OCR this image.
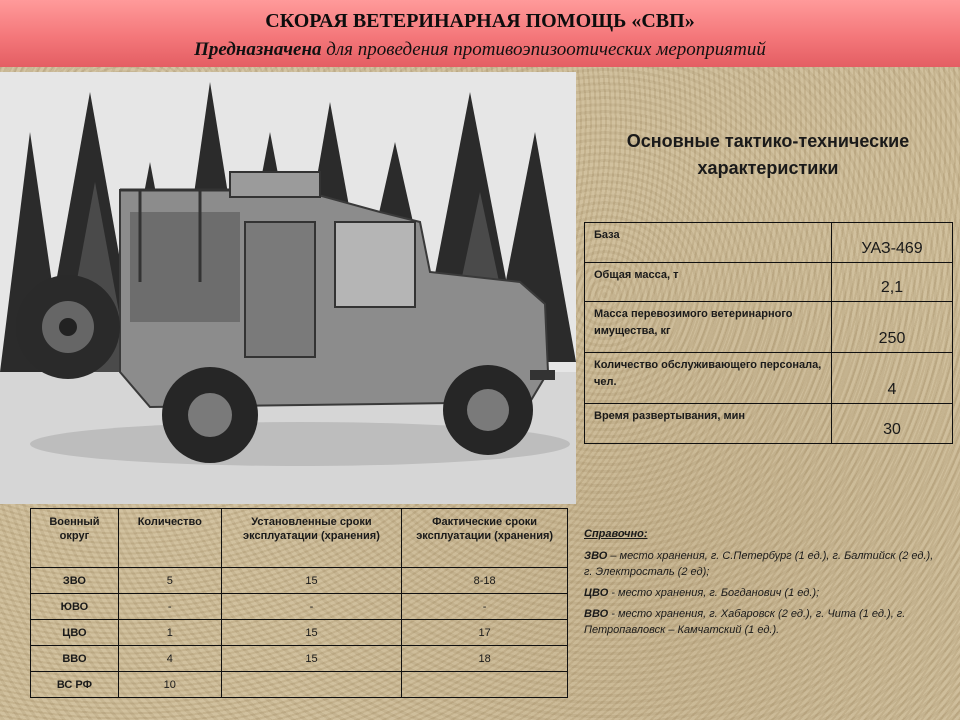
СКОРАЯ ВЕТЕРИНАРНАЯ ПОМОЩЬ «СВП»
Предназначена для проведения противоэпизоотических мероприятий
Основные тактико-технические характеристики
База	УАЗ-469
Общая масса, т	2,1
Масса перевозимого ветеринарного имущества, кг	250
Количество обслуживающего персонала, чел.	4
Время развертывания, мин	30
Военный округ	Количество	Установленные сроки эксплуатации (хранения)	Фактические сроки эксплуатации (хранения)
ЗВО	5	15	8-18
ЮВО	-	-	-
ЦВО	1	15	17
ВВО	4	15	18
ВС РФ	10		
Справочно:
ЗВО – место хранения, г. С.Петербург (1 ед.), г. Балтийск (2 ед.), г. Электросталь (2 ед);
ЦВО - место хранения, г. Богданович (1 ед.);
ВВО - место хранения, г. Хабаровск (2 ед.), г. Чита (1 ед.), г. Петропавловск – Камчатский (1 ед.).
